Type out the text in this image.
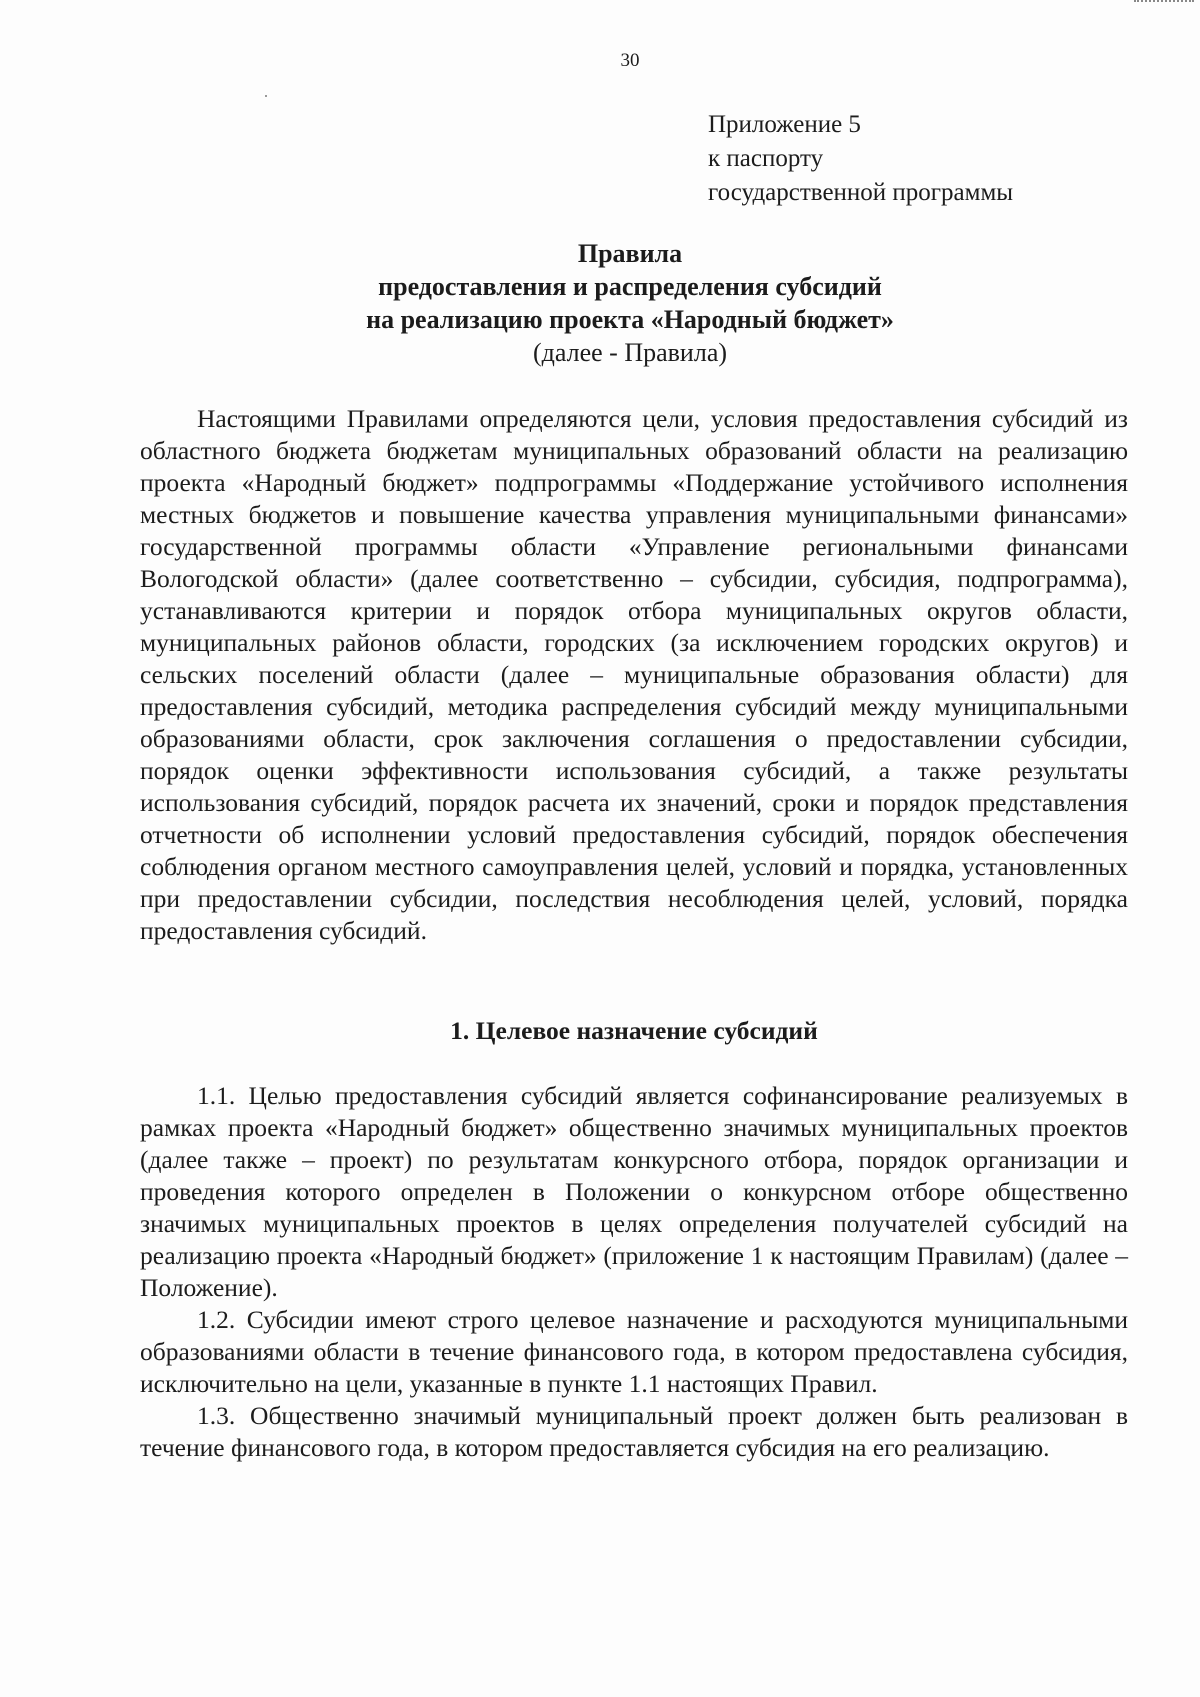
30
Приложение 5
к паспорту
государственной программы
Правила
предоставления и распределения субсидий
на реализацию проекта «Народный бюджет»
(далее - Правила)

Настоящими Правилами определяются цели, условия предоставления субсидий из областного бюджета бюджетам муниципальных образований области на реализацию проекта «Народный бюджет» подпрограммы «Поддержание устойчивого исполнения местных бюджетов и повышение качества управления муниципальными финансами» государственной программы области «Управление региональными финансами Вологодской области» (далее соответственно – субсидии, субсидия, подпрограмма), устанавливаются критерии и порядок отбора муниципальных округов области, муниципальных районов области, городских (за исключением городских округов) и сельских поселений области (далее – муниципальные образования области) для предоставления субсидий, методика распределения субсидий между муниципальными образованиями области, срок заключения соглашения о предоставлении субсидии, порядок оценки эффективности использования субсидий, а также результаты использования субсидий, порядок расчета их значений, сроки и порядок представления отчетности об исполнении условий предоставления субсидий, порядок обеспечения соблюдения органом местного самоуправления целей, условий и порядка, установленных при предоставлении субсидии, последствия несоблюдения целей, условий, порядка предоставления субсидий.

1. Целевое назначение субсидий

1.1. Целью предоставления субсидий является софинансирование реализуемых в рамках проекта «Народный бюджет» общественно значимых муниципальных проектов (далее также – проект) по результатам конкурсного отбора, порядок организации и проведения которого определен в Положении о конкурсном отборе общественно значимых муниципальных проектов в целях определения получателей субсидий на реализацию проекта «Народный бюджет» (приложение 1 к настоящим Правилам) (далее – Положение).

1.2. Субсидии имеют строго целевое назначение и расходуются муниципальными образованиями области в течение финансового года, в котором предоставлена субсидия, исключительно на цели, указанные в пункте 1.1 настоящих Правил.

1.3. Общественно значимый муниципальный проект должен быть реализован в течение финансового года, в котором предоставляется субсидия на его реализацию.
